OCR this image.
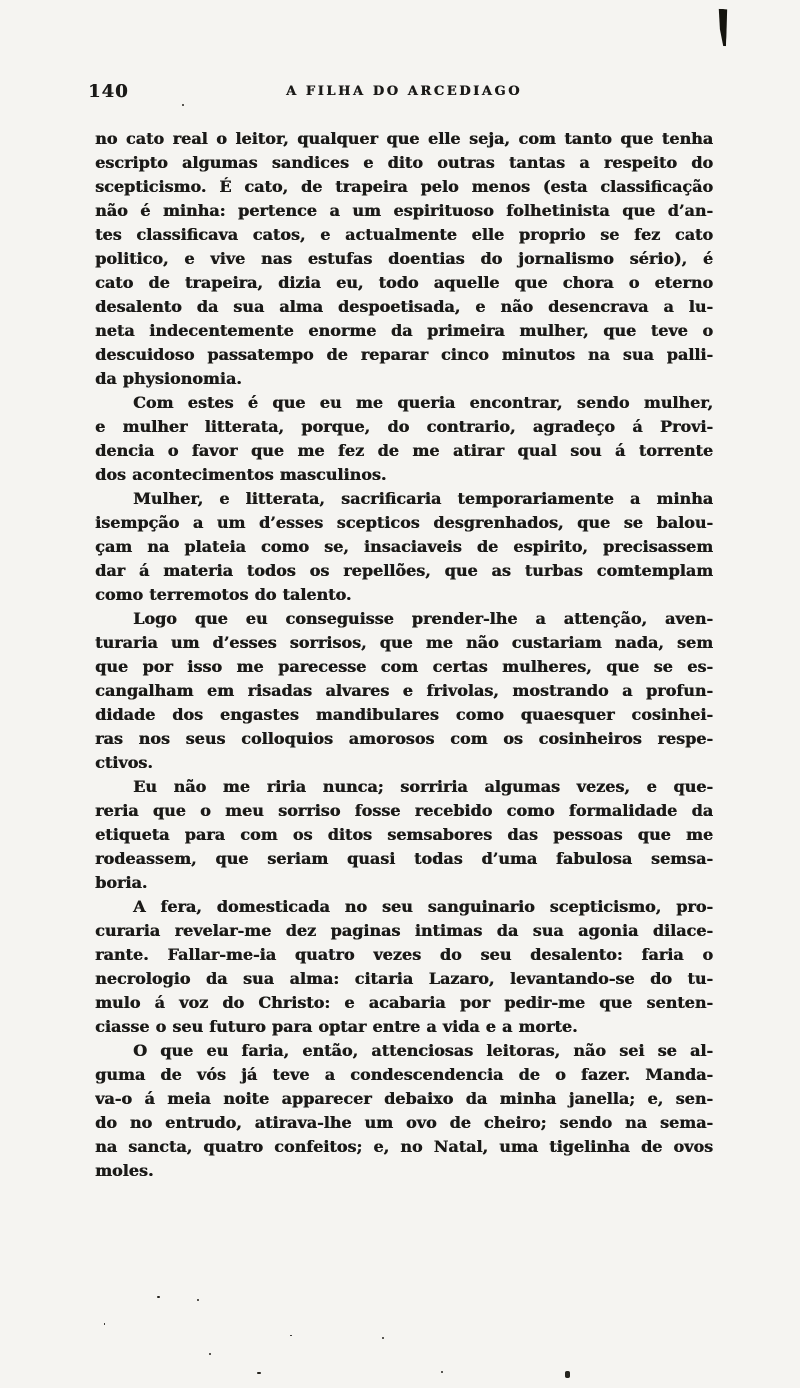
140	A FILHA DO ARCEDIAGO
no cato real o leitor, qualquer que elle seja, com tanto que tenha
escripto algumas sandices e dito outras tantas a respeito do
scepticismo. É cato, de trapeira pelo menos (esta classificação
não é minha: pertence a um espirituoso folhetinista que d’an-
tes classificava catos, e actualmente elle proprio se fez cato
politico, e vive nas estufas doentias do jornalismo sério), é
cato de trapeira, dizia eu, todo aquelle que chora o eterno
desalento da sua alma despoetisada, e não desencrava a lu-
neta indecentemente enorme da primeira mulher, que teve o
descuidoso passatempo de reparar cinco minutos na sua palli-
da physionomia.
Com estes é que eu me queria encontrar, sendo mulher,
e mulher litterata, porque, do contrario, agradeço á Provi-
dencia o favor que me fez de me atirar qual sou á torrente
dos acontecimentos masculinos.
Mulher, e litterata, sacrificaria temporariamente a minha
isempção a um d’esses scepticos desgrenhados, que se balou-
çam na plateia como se, insaciaveis de espirito, precisassem
dar á materia todos os repellões, que as turbas comtemplam
como terremotos do talento.
Logo que eu conseguisse prender-lhe a attenção, aven-
turaria um d’esses sorrisos, que me não custariam nada, sem
que por isso me parecesse com certas mulheres, que se es-
cangalham em risadas alvares e frivolas, mostrando a profun-
didade dos engastes mandibulares como quaesquer cosinhei-
ras nos seus colloquios amorosos com os cosinheiros respe-
ctivos.
Eu não me riria nunca; sorriria algumas vezes, e que-
reria que o meu sorriso fosse recebido como formalidade da
etiqueta para com os ditos semsabores das pessoas que me
rodeassem, que seriam quasi todas d’uma fabulosa semsa-
boria.
A fera, domesticada no seu sanguinario scepticismo, pro-
curaria revelar-me dez paginas intimas da sua agonia dilace-
rante. Fallar-me-ia quatro vezes do seu desalento: faria o
necrologio da sua alma: citaria Lazaro, levantando-se do tu-
mulo á voz do Christo: e acabaria por pedir-me que senten-
ciasse o seu futuro para optar entre a vida e a morte.
O que eu faria, então, attenciosas leitoras, não sei se al-
guma de vós já teve a condescendencia de o fazer. Manda-
va-o á meia noite apparecer debaixo da minha janella; e, sen-
do no entrudo, atirava-lhe um ovo de cheiro; sendo na sema-
na sancta, quatro confeitos; e, no Natal, uma tigelinha de ovos
moles.
